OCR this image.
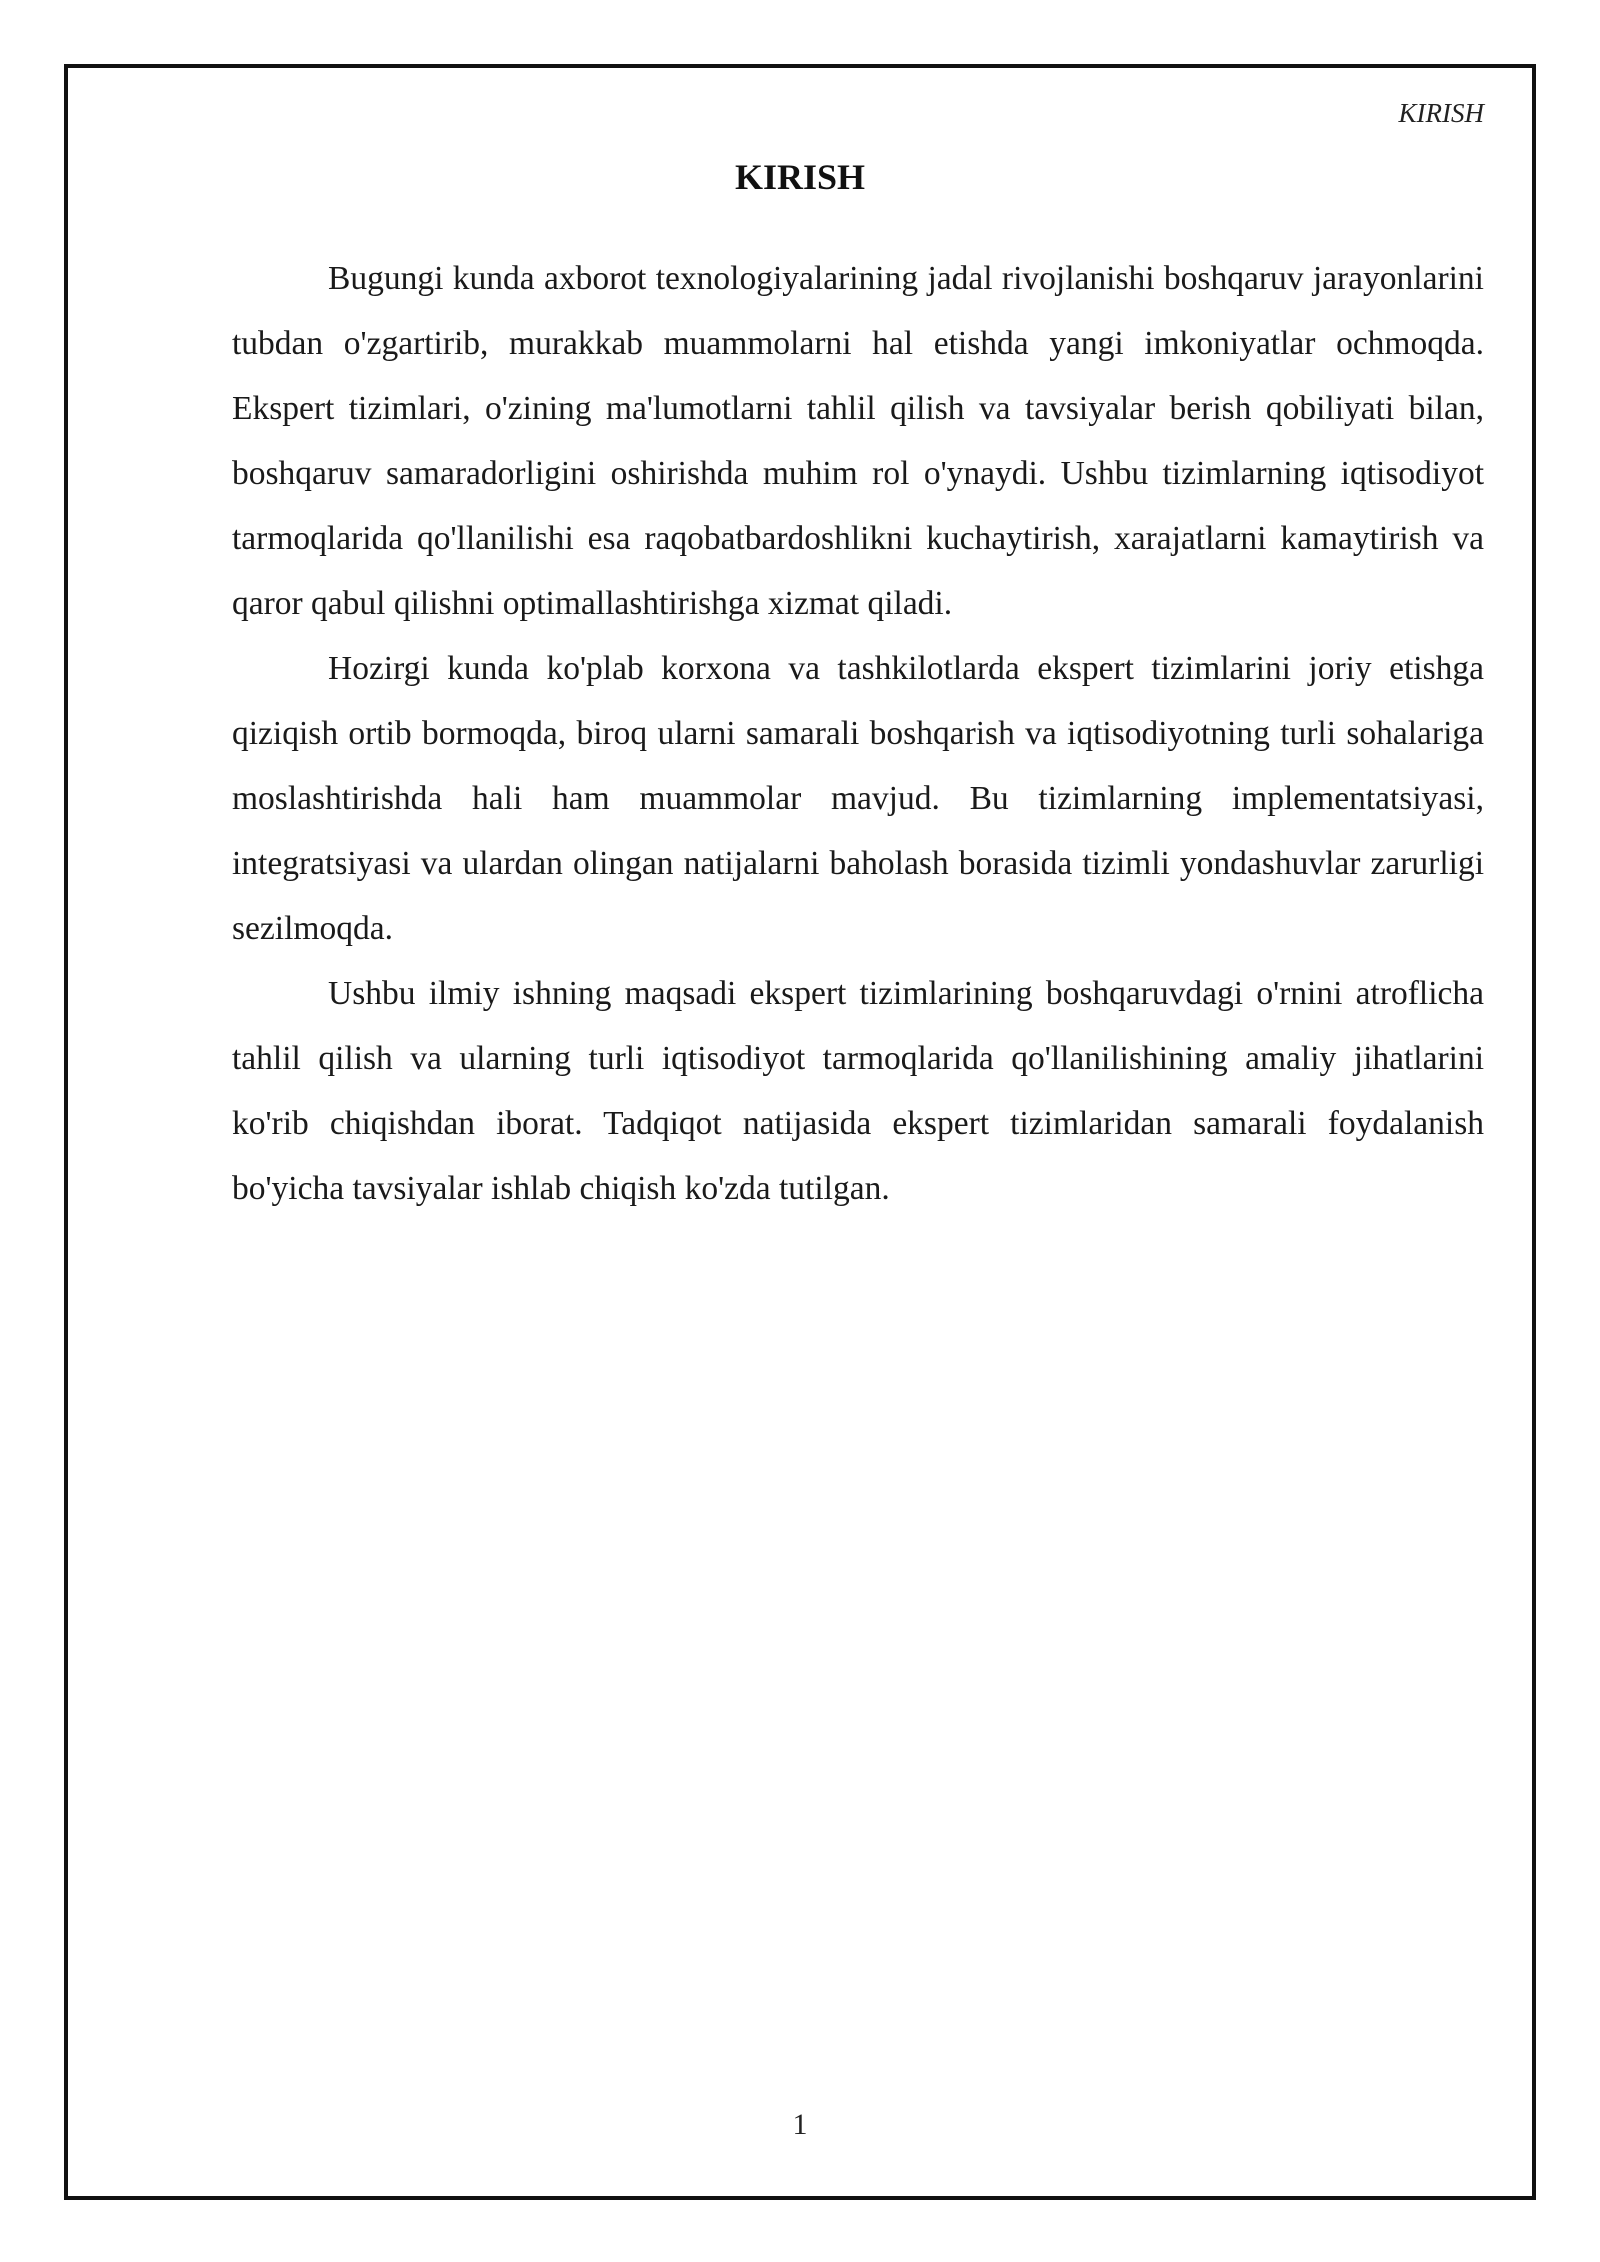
KIRISH
KIRISH

Bugungi kunda axborot texnologiyalarining jadal rivojlanishi boshqaruv jarayonlarini tubdan o'zgartirib, murakkab muammolarni hal etishda yangi imkoniyatlar ochmoqda. Ekspert tizimlari, o'zining ma'lumotlarni tahlil qilish va tavsiyalar berish qobiliyati bilan, boshqaruv samaradorligini oshirishda muhim rol o'ynaydi. Ushbu tizimlarning iqtisodiyot tarmoqlarida qo'llanilishi esa raqobatbardoshlikni kuchaytirish, xarajatlarni kamaytirish va qaror qabul qilishni optimallashtirishga xizmat qiladi.

Hozirgi kunda ko'plab korxona va tashkilotlarda ekspert tizimlarini joriy etishga qiziqish ortib bormoqda, biroq ularni samarali boshqarish va iqtisodiyotning turli sohalariga moslashtirishda hali ham muammolar mavjud. Bu tizimlarning implementatsiyasi, integratsiyasi va ulardan olingan natijalarni baholash borasida tizimli yondashuvlar zarurligi sezilmoqda.

Ushbu ilmiy ishning maqsadi ekspert tizimlarining boshqaruvdagi o'rnini atroflicha tahlil qilish va ularning turli iqtisodiyot tarmoqlarida qo'llanilishining amaliy jihatlarini ko'rib chiqishdan iborat. Tadqiqot natijasida ekspert tizimlaridan samarali foydalanish bo'yicha tavsiyalar ishlab chiqish ko'zda tutilgan.

1
